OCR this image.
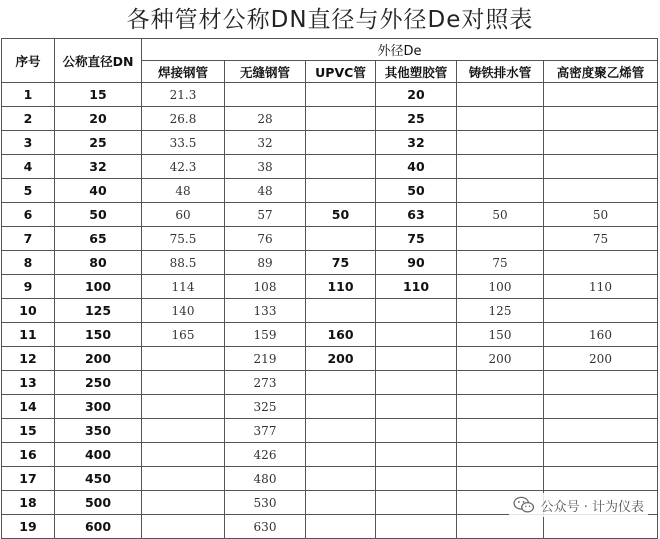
各种管材公称DN直径与外径De对照表
序号	公称直径DN	外径De					
		焊接钢管	无缝钢管	UPVC管	其他塑胶管	铸铁排水管	高密度聚乙烯管
1	15	21.3			20		
2	20	26.8	28		25		
3	25	33.5	32		32		
4	32	42.3	38		40		
5	40	48	48		50		
6	50	60	57	50	63	50	50
7	65	75.5	76		75		75
8	80	88.5	89	75	90	75	
9	100	114	108	110	110	100	110
10	125	140	133			125	
11	150	165	159	160		150	160
12	200		219	200		200	200
13	250		273				
14	300		325				
15	350		377				
16	400		426				
17	450		480				
18	500		530				
19	600		630				
公众号 · 计为仪表
